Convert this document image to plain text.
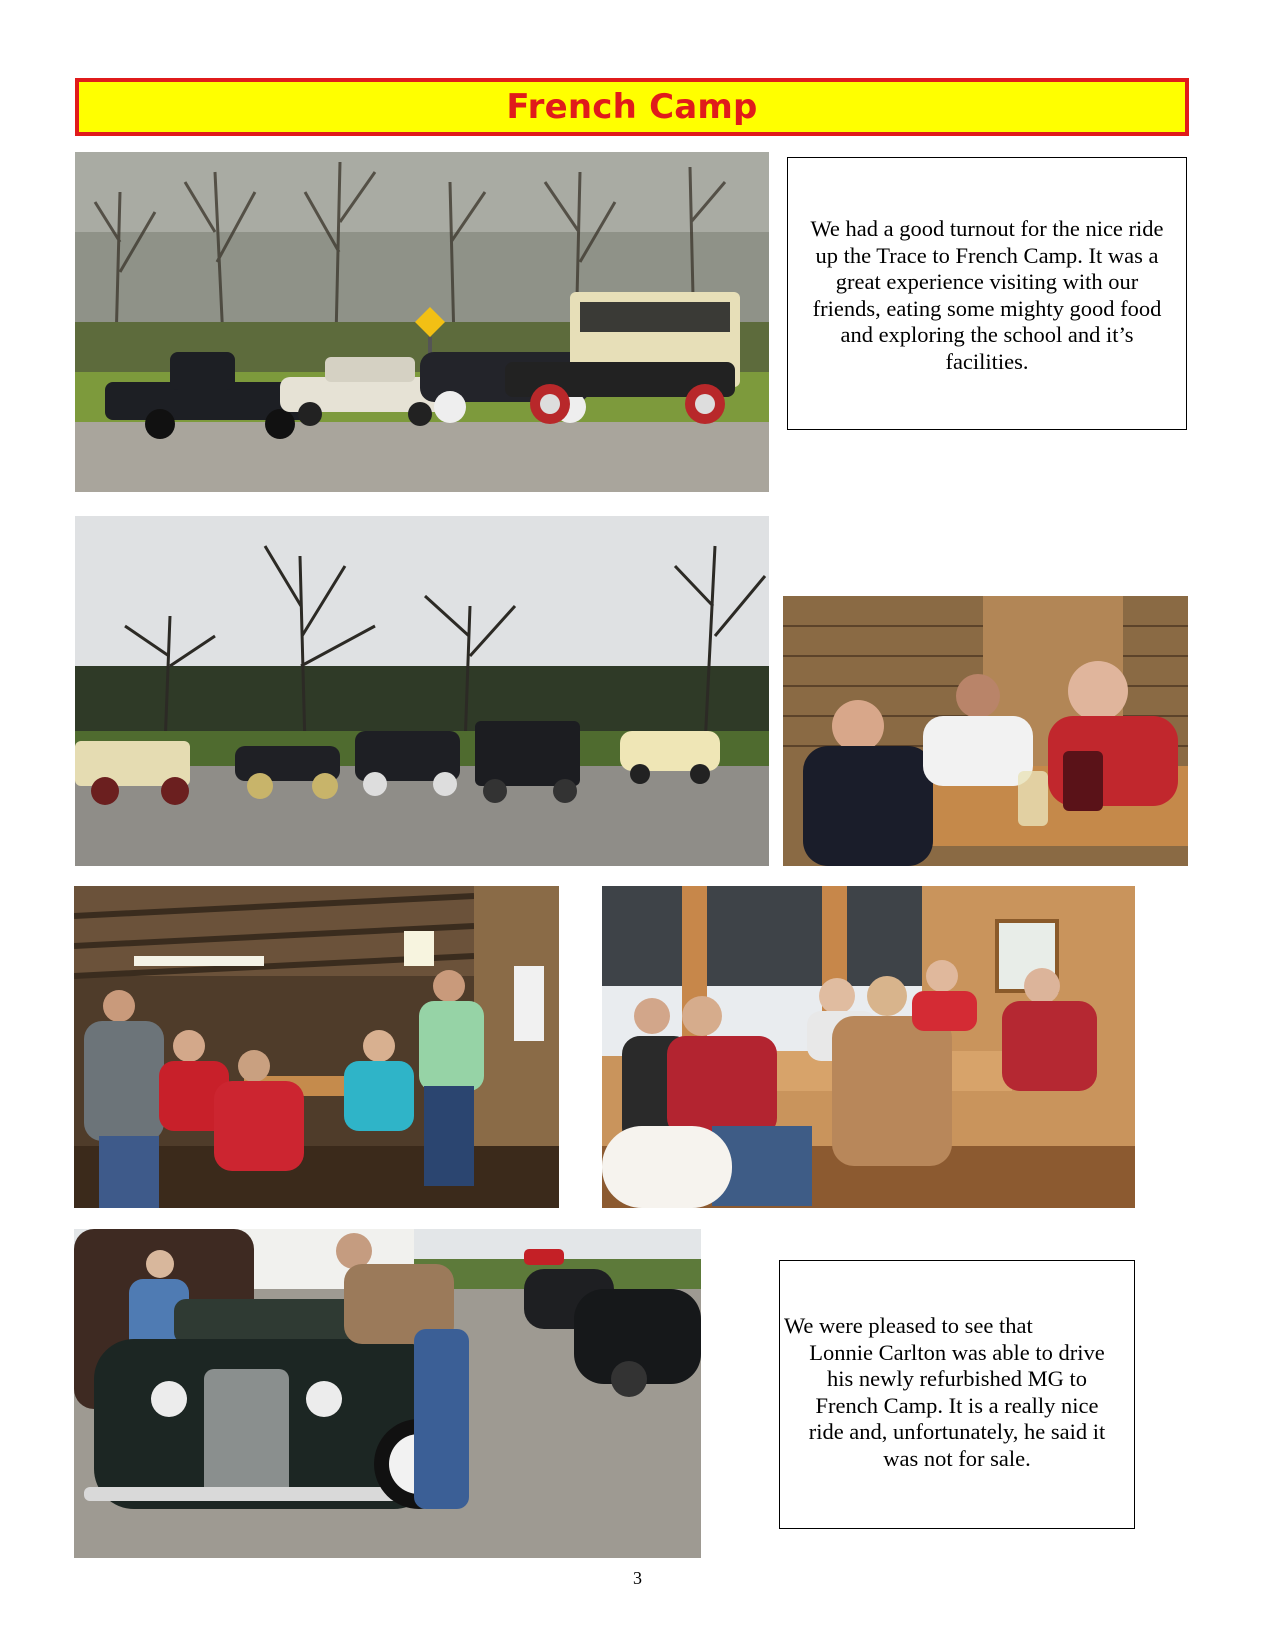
French Camp

We had a good turnout for the nice ride up the Trace to French Camp. It was a great experience visiting with our friends, eating some mighty good food and exploring the school and it’s facilities.

We were pleased to see that

Lonnie Carlton was able to drive

his newly refurbished MG to

French Camp. It is a really nice

ride and, unfortunately, he said it

was not for sale.

3
